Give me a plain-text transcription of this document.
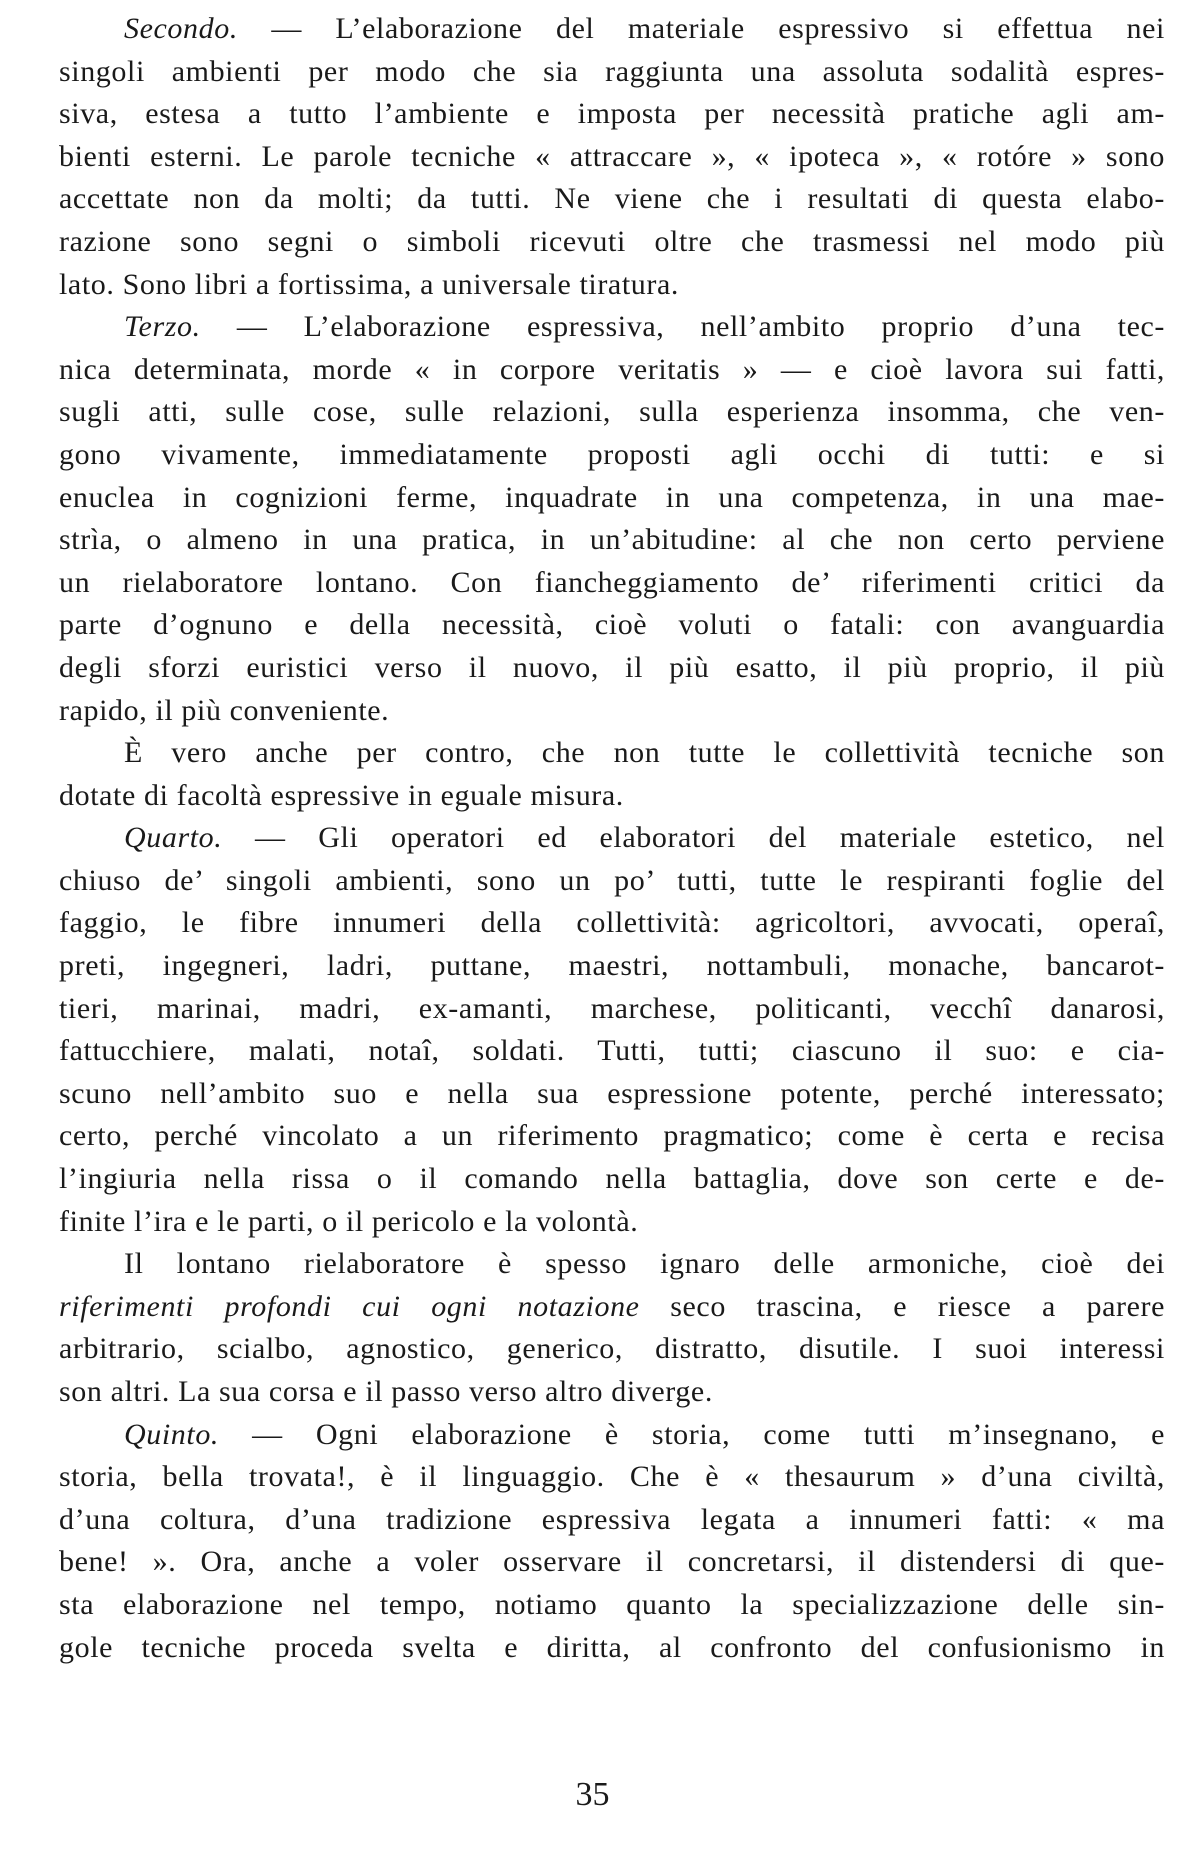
Secondo. — L’elaborazione del materiale espressivo si effettua nei
singoli ambienti per modo che sia raggiunta una assoluta sodalità espres-
siva, estesa a tutto l’ambiente e imposta per necessità pratiche agli am-
bienti esterni. Le parole tecniche « attraccare », « ipoteca », « rotóre » sono
accettate non da molti; da tutti. Ne viene che i resultati di questa elabo-
razione sono segni o simboli ricevuti oltre che trasmessi nel modo più
lato. Sono libri a fortissima, a universale tiratura.
Terzo. — L’elaborazione espressiva, nell’ambito proprio d’una tec-
nica determinata, morde « in corpore veritatis » — e cioè lavora sui fatti,
sugli atti, sulle cose, sulle relazioni, sulla esperienza insomma, che ven-
gono vivamente, immediatamente proposti agli occhi di tutti: e si
enuclea in cognizioni ferme, inquadrate in una competenza, in una mae-
strìa, o almeno in una pratica, in un’abitudine: al che non certo perviene
un rielaboratore lontano. Con fiancheggiamento de’ riferimenti critici da
parte d’ognuno e della necessità, cioè voluti o fatali: con avanguardia
degli sforzi euristici verso il nuovo, il più esatto, il più proprio, il più
rapido, il più conveniente.
È vero anche per contro, che non tutte le collettività tecniche son
dotate di facoltà espressive in eguale misura.
Quarto. — Gli operatori ed elaboratori del materiale estetico, nel
chiuso de’ singoli ambienti, sono un po’ tutti, tutte le respiranti foglie del
faggio, le fibre innumeri della collettività: agricoltori, avvocati, operaî,
preti, ingegneri, ladri, puttane, maestri, nottambuli, monache, bancarot-
tieri, marinai, madri, ex-amanti, marchese, politicanti, vecchî danarosi,
fattucchiere, malati, notaî, soldati. Tutti, tutti; ciascuno il suo: e cia-
scuno nell’ambito suo e nella sua espressione potente, perché interessato;
certo, perché vincolato a un riferimento pragmatico; come è certa e recisa
l’ingiuria nella rissa o il comando nella battaglia, dove son certe e de-
finite l’ira e le parti, o il pericolo e la volontà.
Il lontano rielaboratore è spesso ignaro delle armoniche, cioè dei
riferimenti profondi cui ogni notazione seco trascina, e riesce a parere
arbitrario, scialbo, agnostico, generico, distratto, disutile. I suoi interessi
son altri. La sua corsa e il passo verso altro diverge.
Quinto. — Ogni elaborazione è storia, come tutti m’insegnano, e
storia, bella trovata!, è il linguaggio. Che è « thesaurum » d’una civiltà,
d’una coltura, d’una tradizione espressiva legata a innumeri fatti: « ma
bene! ». Ora, anche a voler osservare il concretarsi, il distendersi di que-
sta elaborazione nel tempo, notiamo quanto la specializzazione delle sin-
gole tecniche proceda svelta e diritta, al confronto del confusionismo in
35
